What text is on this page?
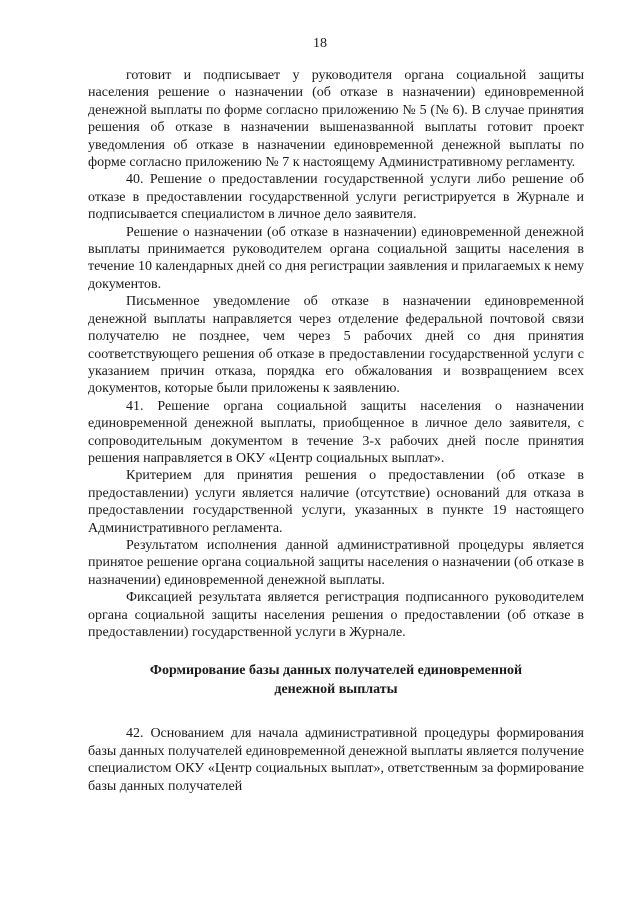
18

готовит и подписывает у руководителя органа социальной защиты населения решение о назначении (об отказе в назначении) единовременной денежной выплаты по форме согласно приложению № 5 (№ 6). В случае принятия решения об отказе в назначении вышеназванной выплаты готовит проект уведомления об отказе в назначении единовременной денежной выплаты по форме согласно приложению № 7 к настоящему Административному регламенту.

40. Решение о предоставлении государственной услуги либо решение об отказе в предоставлении государственной услуги регистрируется в Журнале и подписывается специалистом в личное дело заявителя.

Решение о назначении (об отказе в назначении) единовременной денежной выплаты принимается руководителем органа социальной защиты населения в течение 10 календарных дней со дня регистрации заявления и прилагаемых к нему документов.

Письменное уведомление об отказе в назначении единовременной денежной выплаты направляется через отделение федеральной почтовой связи получателю не позднее, чем через 5 рабочих дней со дня принятия соответствующего решения об отказе в предоставлении государственной услуги с указанием причин отказа, порядка его обжалования и возвращением всех документов, которые были приложены к заявлению.

41. Решение органа социальной защиты населения о назначении единовременной денежной выплаты, приобщенное в личное дело заявителя, с сопроводительным документом в течение 3-х рабочих дней после принятия решения направляется в ОКУ «Центр социальных выплат».

Критерием для принятия решения о предоставлении (об отказе в предоставлении) услуги является наличие (отсутствие) оснований для отказа в предоставлении государственной услуги, указанных в пункте 19 настоящего Административного регламента.

Результатом исполнения данной административной процедуры является принятое решение органа социальной защиты населения о назначении (об отказе в назначении) единовременной денежной выплаты.

Фиксацией результата является регистрация подписанного руководителем органа социальной защиты населения решения о предоставлении (об отказе в предоставлении) государственной услуги в Журнале.

Формирование базы данных получателей единовременной денежной выплаты

42. Основанием для начала административной процедуры формирования базы данных получателей единовременной денежной выплаты является получение специалистом ОКУ «Центр социальных выплат», ответственным за формирование базы данных получателей
